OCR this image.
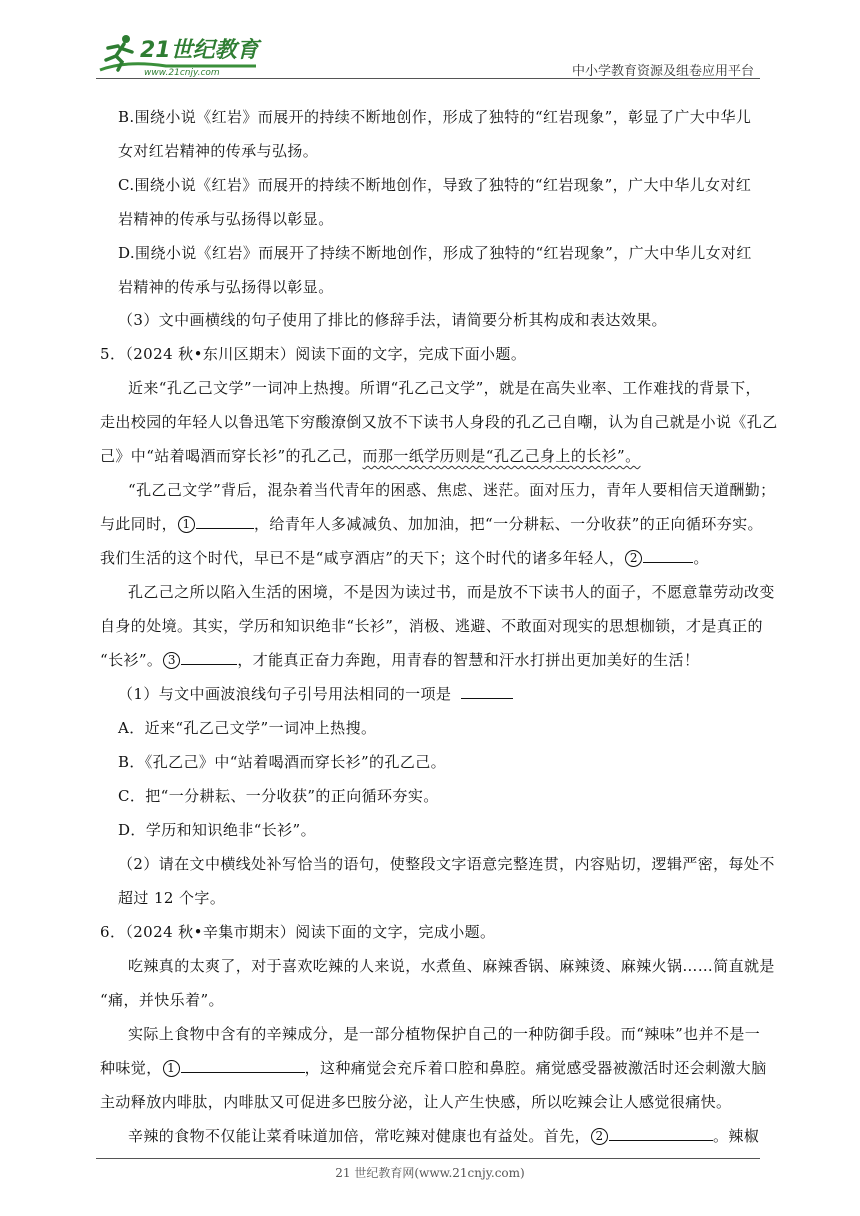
21世纪教育
www.21cnjy.com	中小学教育资源及组卷应用平台
B.围绕小说《红岩》而展开的持续不断地创作，形成了独特的“红岩现象”，彰显了广大中华儿
女对红岩精神的传承与弘扬。
C.围绕小说《红岩》而展开的持续不断地创作，导致了独特的“红岩现象”，广大中华儿女对红
岩精神的传承与弘扬得以彰显。
D.围绕小说《红岩》而展开了持续不断地创作，形成了独特的“红岩现象”，广大中华儿女对红
岩精神的传承与弘扬得以彰显。
（3）文中画横线的句子使用了排比的修辞手法，请简要分析其构成和表达效果。
5．（2024 秋•东川区期末）阅读下面的文字，完成下面小题。
近来“孔乙己文学”一词冲上热搜。所谓“孔乙己文学”，就是在高失业率、工作难找的背景下，
走出校园的年轻人以鲁迅笔下穷酸潦倒又放不下读书人身段的孔乙己自嘲，认为自己就是小说《孔乙
己》中“站着喝酒而穿长衫”的孔乙己，而那一纸学历则是“孔乙己身上的长衫”。
“孔乙己文学”背后，混杂着当代青年的困惑、焦虑、迷茫。面对压力，青年人要相信天道酬勤；
与此同时， 1	，给青年人多减减负、加加油，把“一分耕耘、一分收获”的正向循环夯实。
我们生活的这个时代，早已不是“咸亨酒店”的天下；这个时代的诸多年轻人， 2	。
孔乙己之所以陷入生活的困境，不是因为读过书，而是放不下读书人的面子，不愿意靠劳动改变
自身的处境。其实，学历和知识绝非“长衫”，消极、逃避、不敢面对现实的思想枷锁，才是真正的
“长衫”。 3	，才能真正奋力奔跑，用青春的智慧和汗水打拼出更加美好的生活！
（1）与文中画波浪线句子引号用法相同的一项是
A．近来“孔乙己文学”一词冲上热搜。
B．《孔乙己》中“站着喝酒而穿长衫”的孔乙己。
C．把“一分耕耘、一分收获”的正向循环夯实。
D．学历和知识绝非“长衫”。
（2）请在文中横线处补写恰当的语句，使整段文字语意完整连贯，内容贴切，逻辑严密，每处不
超过 12 个字。
6．（2024 秋•辛集市期末）阅读下面的文字，完成小题。
吃辣真的太爽了，对于喜欢吃辣的人来说，水煮鱼、麻辣香锅、麻辣烫、麻辣火锅……简直就是
“痛，并快乐着”。
实际上食物中含有的辛辣成分，是一部分植物保护自己的一种防御手段。而“辣味”也并不是一
种味觉， 1	，这种痛觉会充斥着口腔和鼻腔。痛觉感受器被激活时还会刺激大脑
主动释放内啡肽，内啡肽又可促进多巴胺分泌，让人产生快感，所以吃辣会让人感觉很痛快。
辛辣的食物不仅能让菜肴味道加倍，常吃辣对健康也有益处。首先， 2	。辣椒
21 世纪教育网(www.21cnjy.com)
